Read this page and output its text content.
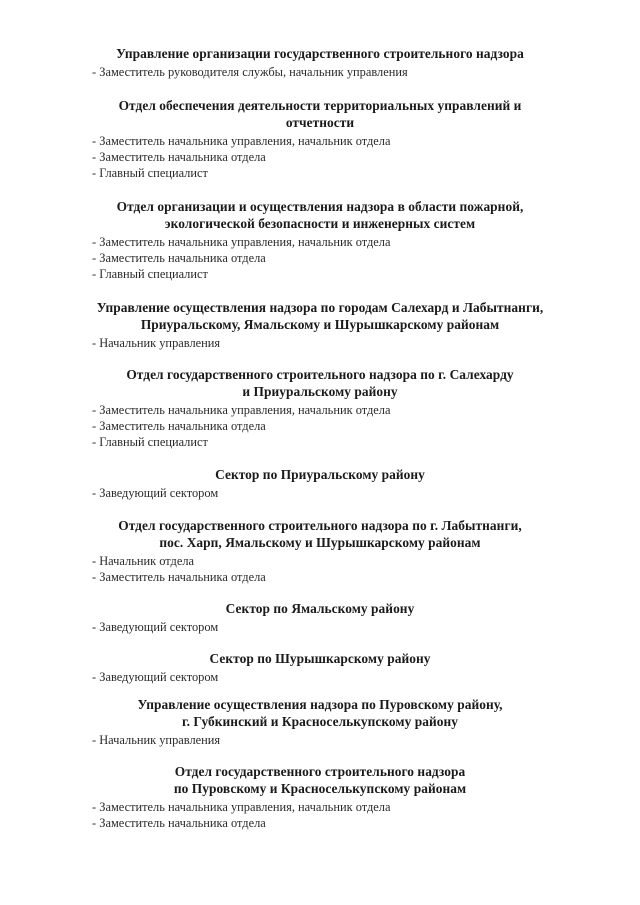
Управление организации государственного строительного надзора
- Заместитель руководителя службы, начальник управления
Отдел обеспечения деятельности территориальных управлений и
отчетности
- Заместитель начальника управления, начальник отдела
- Заместитель начальника отдела
- Главный специалист
Отдел организации и осуществления надзора в области пожарной,
экологической безопасности и инженерных систем
- Заместитель начальника управления, начальник отдела
- Заместитель начальника отдела
- Главный специалист
Управление осуществления надзора по городам Салехард и Лабытнанги,
Приуральскому, Ямальскому и Шурышкарскому районам
- Начальник управления
Отдел государственного строительного надзора по г. Салехарду
и Приуральскому району
- Заместитель начальника управления, начальник отдела
- Заместитель начальника отдела
- Главный специалист
Сектор по Приуральскому району
- Заведующий сектором
Отдел государственного строительного надзора по г. Лабытнанги,
пос. Харп, Ямальскому и Шурышкарскому районам
- Начальник отдела
- Заместитель начальника отдела
Сектор по Ямальскому району
- Заведующий сектором
Сектор по Шурышкарскому району
- Заведующий сектором
Управление осуществления надзора по Пуровскому району,
г. Губкинский и Красноселькупскому району
- Начальник управления
Отдел государственного строительного надзора
по Пуровскому и Красноселькупскому районам
- Заместитель начальника управления, начальник отдела
- Заместитель начальника отдела
